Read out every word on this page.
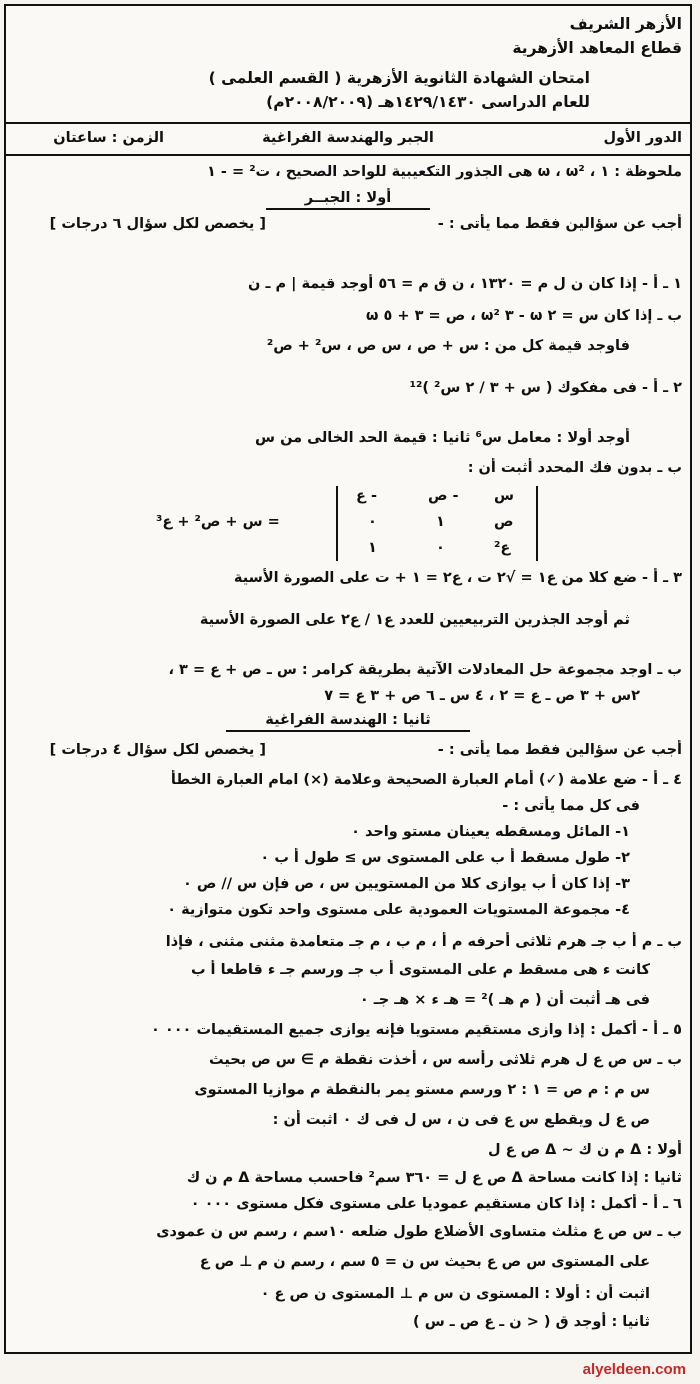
الأزهر الشريف
قطاع المعاهد الأزهرية
امتحان الشهادة الثانوية الأزهرية ( القسم العلمى )
للعام الدراسى ١٤٢٩/١٤٣٠هـ (٢٠٠٨/٢٠٠٩م)
الدور الأول
الجبر والهندسة الفراغية
الزمن : ساعتان
ملحوظة : ١ ، ω ، ω² هى الجذور التكعيبية للواحد الصحيح ، ت² = - ١
أولا : الجبــر
أجب عن سؤالين فقط مما يأتى : -
[ يخصص لكل سؤال ٦ درجات ]
١ ـ أ - إذا كان ن ل م = ١٣٢٠ ، ن ق م = ٥٦ أوجد قيمة | م ـ ن
ب ـ إذا كان س = ٢ ω - ٣ ω² ، ص = ٣ + ٥ ω
فاوجد قيمة كل من : س + ص ، س ص ، س² + ص²
٢ ـ أ - فى مفكوك ( س + ٣ / ٢ س² )¹²
أوجد أولا : معامل س⁶ ثانيا : قيمة الحد الخالى من س
ب ـ بدون فك المحدد أثبت أن :
س
- ص
- ع
ص
١
٠
ع²
٠
١
= س + ص² + ع³
٣ ـ أ - ضع كلا من ع١ = √٢ ت ، ع٢ = ١ + ت على الصورة الأسية
ثم أوجد الجذرين التربيعيين للعدد ع١ / ع٢ على الصورة الأسية
ب ـ اوجد مجموعة حل المعادلات الآتية بطريقة كرامر : س ـ ص + ع = ٣ ،
٢س + ٣ ص ـ ع = ٢ ، ٤ س ـ ٦ ص + ٣ ع = ٧
ثانيا : الهندسة الفراغية
أجب عن سؤالين فقط مما يأتى : -
[ يخصص لكل سؤال ٤ درجات ]
٤ ـ أ - ضع علامة (✓) أمام العبارة الصحيحة وعلامة (×) امام العبارة الخطأ
فى كل مما يأتى : -
١- المائل ومسقطه يعينان مستو واحد ٠
٢- طول مسقط أ ب على المستوى س ≥ طول أ ب ٠
٣- إذا كان أ ب يوازى كلا من المستويين س ، ص فإن س // ص ٠
٤- مجموعة المستويات العمودية على مستوى واحد تكون متوازية ٠
ب ـ م أ ب جـ هرم ثلاثى أحرفه م أ ، م ب ، م جـ متعامدة مثنى مثنى ، فإذا
كانت ء هى مسقط م على المستوى أ ب جـ ورسم جـ ء قاطعا أ ب
فى هـ أثبت أن ( م هـ )² = هـ ء × هـ جـ ٠
٥ ـ أ - أكمل : إذا وازى مستقيم مستويا فإنه يوازى جميع المستقيمات ٠٠٠ ٠
ب ـ س ص ع ل هرم ثلاثى رأسه س ، أخذت نقطة م ∋ س ص بحيث
س م : م ص = ١ : ٢ ورسم مستو يمر بالنقطة م موازيا المستوى
ص ع ل ويقطع س ع فى ن ، س ل فى ك ٠ اثبت أن :
أولا : Δ م ن ك ~ Δ ص ع ل
ثانيا : إذا كانت مساحة Δ ص ع ل = ٣٦٠ سم² فاحسب مساحة Δ م ن ك
٦ ـ أ - أكمل : إذا كان مستقيم عموديا على مستوى فكل مستوى ٠٠٠ ٠
ب ـ س ص ع مثلث متساوى الأضلاع طول ضلعه ١٠سم ، رسم س ن عمودى
على المستوى س ص ع بحيث س ن = ٥ سم ، رسم ن م ⊥ ص ع
اثبت أن : أولا : المستوى ن س م ⊥ المستوى ن ص ع ٠
ثانيا : أوجد ق ( < ن ـ ع ص ـ س )
alyeldeen.com
